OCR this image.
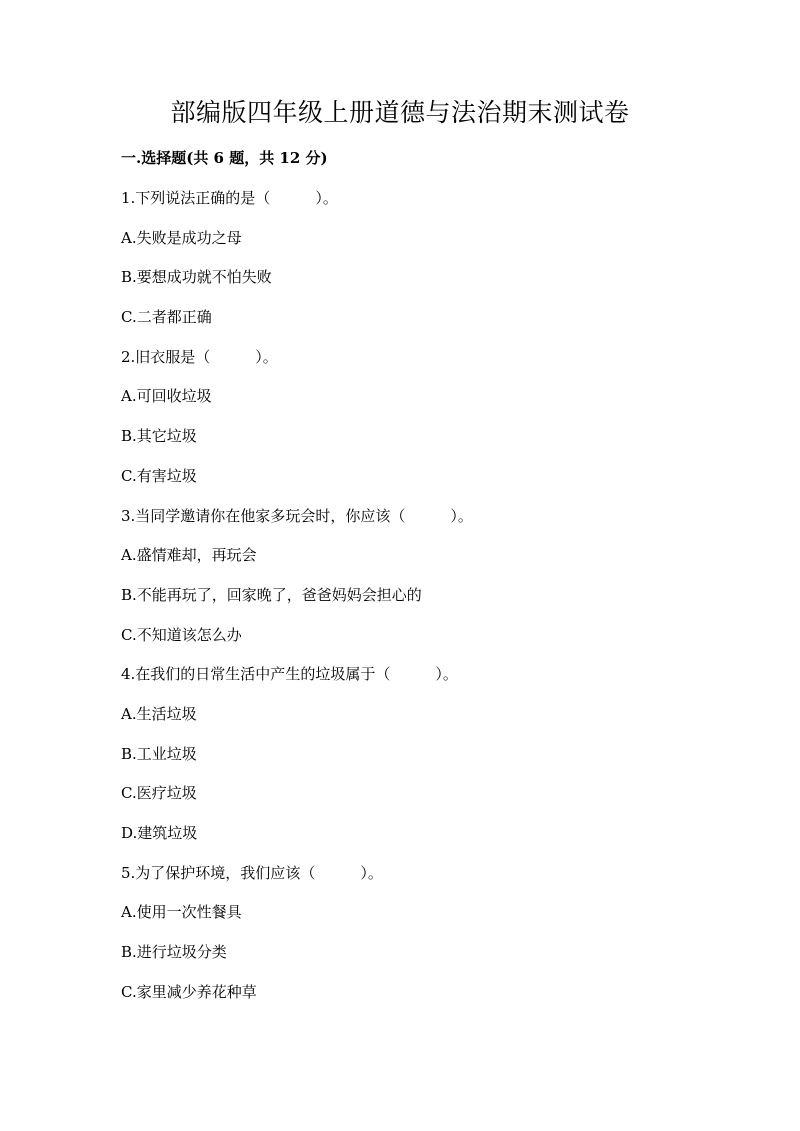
部编版四年级上册道德与法治期末测试卷
一.选择题(共 6 题，共 12 分)
1.下列说法正确的是（　　　）。
A.失败是成功之母
B.要想成功就不怕失败
C.二者都正确
2.旧衣服是（　　　）。
A.可回收垃圾
B.其它垃圾
C.有害垃圾
3.当同学邀请你在他家多玩会时，你应该（　　　）。
A.盛情难却，再玩会
B.不能再玩了，回家晚了，爸爸妈妈会担心的
C.不知道该怎么办
4.在我们的日常生活中产生的垃圾属于（　　　）。
A.生活垃圾
B.工业垃圾
C.医疗垃圾
D.建筑垃圾
5.为了保护环境，我们应该（　　　）。
A.使用一次性餐具
B.进行垃圾分类
C.家里减少养花种草
